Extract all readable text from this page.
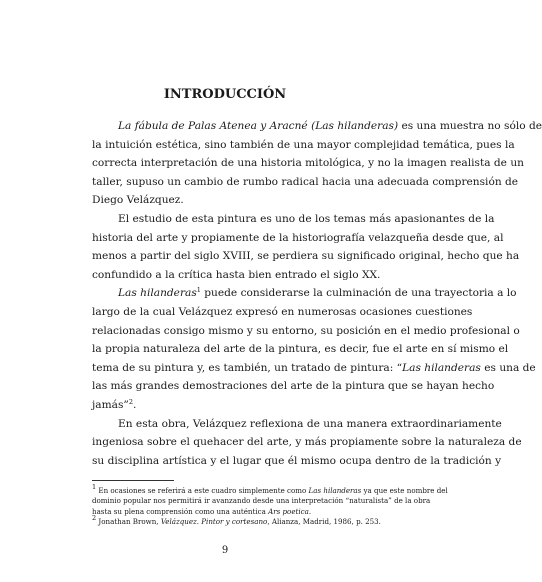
INTRODUCCIÓN
La fábula de Palas Atenea y Aracné (Las hilanderas) es una muestra no sólo de
la intuición estética, sino también de una mayor complejidad temática, pues la
correcta interpretación de una historia mitológica, y no la imagen realista de un
taller, supuso un cambio de rumbo radical hacia una adecuada comprensión de
Diego Velázquez.
El estudio de esta pintura es uno de los temas más apasionantes de la
historia del arte y propiamente de la historiografía velazqueña desde que, al
menos a partir del siglo XVIII, se perdiera su significado original, hecho que ha
confundido a la crítica hasta bien entrado el siglo XX.
Las hilanderas$^1$ puede considerarse la culminación de una trayectoria a lo
largo de la cual Velázquez expresó en numerosas ocasiones cuestiones
relacionadas consigo mismo y su entorno, su posición en el medio profesional o
la propia naturaleza del arte de la pintura, es decir, fue el arte en sí mismo el
tema de su pintura y, es también, un tratado de pintura: “Las hilanderas es una de
las más grandes demostraciones del arte de la pintura que se hayan hecho
jamás”$^2$.
En esta obra, Velázquez reflexiona de una manera extraordinariamente
ingeniosa sobre el quehacer del arte, y más propiamente sobre la naturaleza de
su disciplina artística y el lugar que él mismo ocupa dentro de la tradición y
$^1$ En ocasiones se referirá a este cuadro simplemente como Las hilanderas ya que este nombre del
dominio popular nos permitirá ir avanzando desde una interpretación “naturalista” de la obra
hasta su plena comprensión como una auténtica Ars poetica.
$^2$ Jonathan Brown, Velázquez. Pintor y cortesano, Alianza, Madrid, 1986, p. 253.
9
